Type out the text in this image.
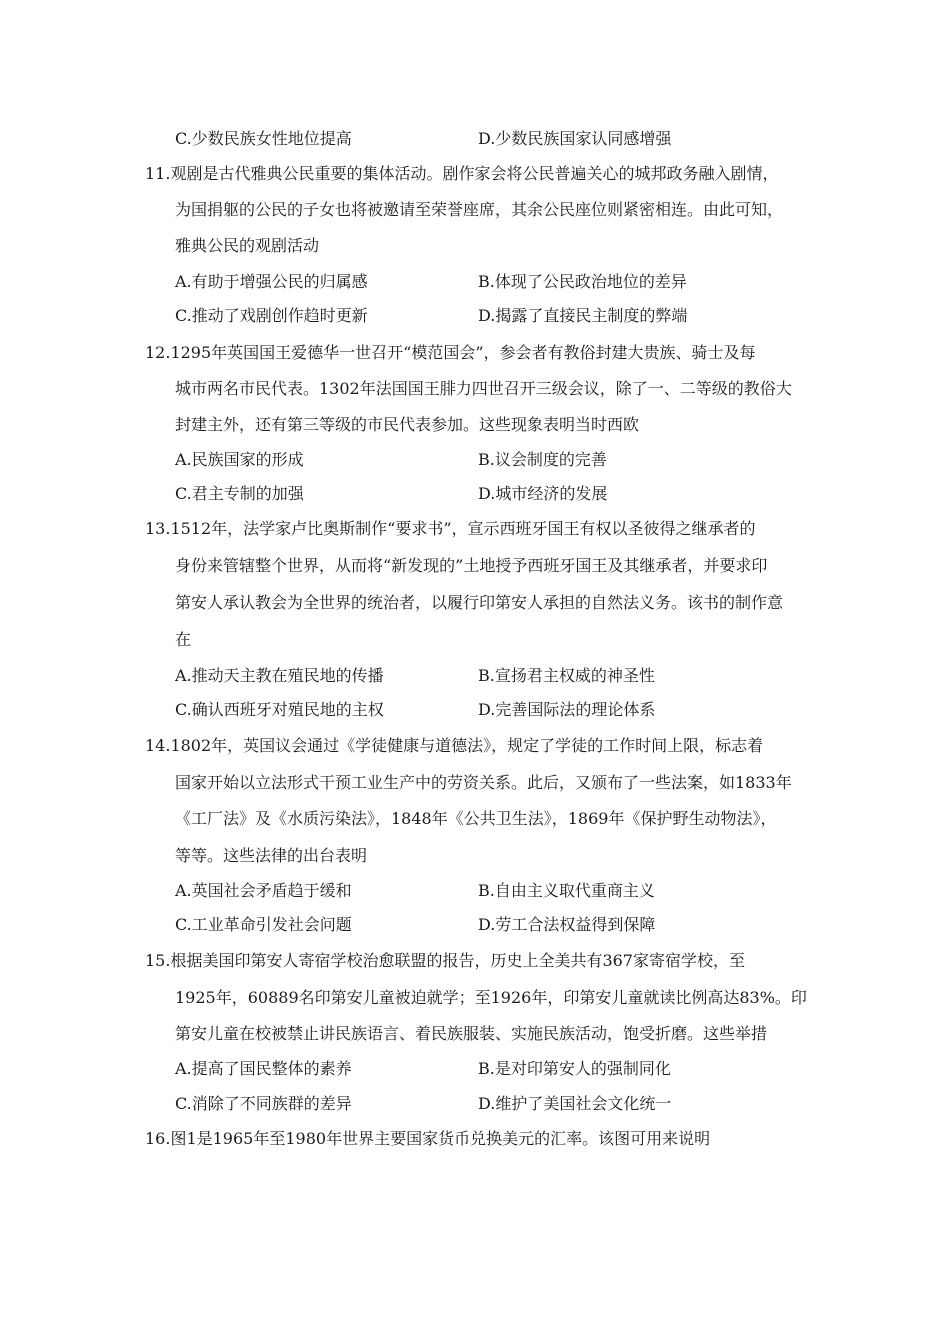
C.少数民族女性地位提高	D.少数民族国家认同感增强
11.观剧是古代雅典公民重要的集体活动。剧作家会将公民普遍关心的城邦政务融入剧情，
为国捐躯的公民的子女也将被邀请至荣誉座席，其余公民座位则紧密相连。由此可知，
雅典公民的观剧活动
A.有助于增强公民的归属感	B.体现了公民政治地位的差异
C.推动了戏剧创作趋时更新	D.揭露了直接民主制度的弊端
12.1295年英国国王爱德华一世召开“模范国会”，参会者有教俗封建大贵族、骑士及每
城市两名市民代表。1302年法国国王腓力四世召开三级会议，除了一、二等级的教俗大
封建主外，还有第三等级的市民代表参加。这些现象表明当时西欧
A.民族国家的形成	B.议会制度的完善
C.君主专制的加强	D.城市经济的发展
13.1512年，法学家卢比奥斯制作“要求书”，宣示西班牙国王有权以圣彼得之继承者的
身份来管辖整个世界，从而将“新发现的”土地授予西班牙国王及其继承者，并要求印
第安人承认教会为全世界的统治者，以履行印第安人承担的自然法义务。该书的制作意
在
A.推动天主教在殖民地的传播	B.宣扬君主权威的神圣性
C.确认西班牙对殖民地的主权	D.完善国际法的理论体系
14.1802年，英国议会通过《学徒健康与道德法》，规定了学徒的工作时间上限，标志着
国家开始以立法形式干预工业生产中的劳资关系。此后，又颁布了一些法案，如1833年
《工厂法》及《水质污染法》，1848年《公共卫生法》，1869年《保护野生动物法》，
等等。这些法律的出台表明
A.英国社会矛盾趋于缓和	B.自由主义取代重商主义
C.工业革命引发社会问题	D.劳工合法权益得到保障
15.根据美国印第安人寄宿学校治愈联盟的报告，历史上全美共有367家寄宿学校，至
1925年，60889名印第安儿童被迫就学；至1926年，印第安儿童就读比例高达83%。印
第安儿童在校被禁止讲民族语言、着民族服装、实施民族活动，饱受折磨。这些举措
A.提高了国民整体的素养	B.是对印第安人的强制同化
C.消除了不同族群的差异	D.维护了美国社会文化统一
16.图1是1965年至1980年世界主要国家货币兑换美元的汇率。该图可用来说明
